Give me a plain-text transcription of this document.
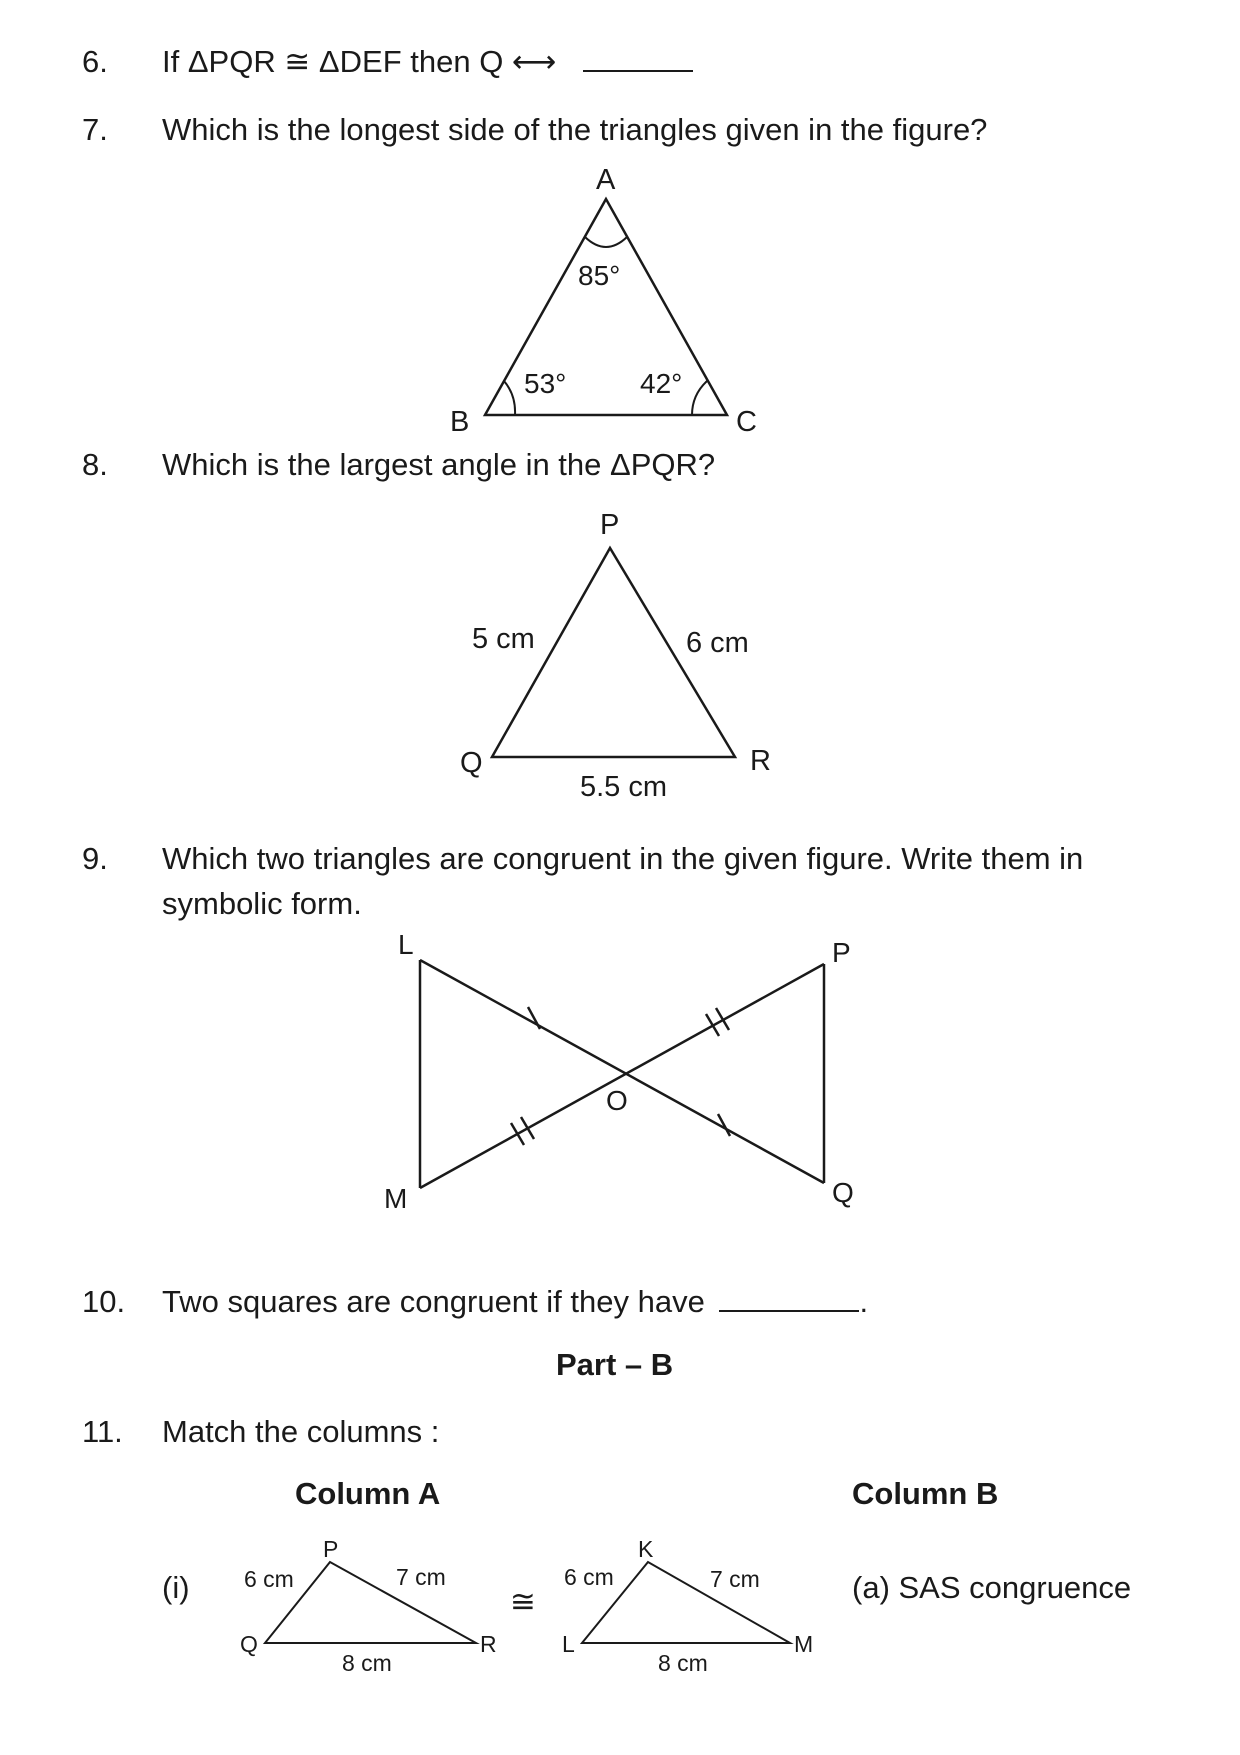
6. If ΔPQR ≅ ΔDEF then Q ⟷
7. Which is the longest side of the triangles given in the figure?
A
B	C
85°
53°	42°
8. Which is the largest angle in the ΔPQR?
P
Q	R
5 cm	6 cm
5.5 cm
9. Which two triangles are congruent in the given figure. Write them in
symbolic form.
L
M
O
P
Q
10. Two squares are congruent if they have	.
Part – B
11. Match the columns :
Column A	Column B
(i)
P
Q	R
6 cm	7 cm
8 cm
≅
K
L	M
6 cm	7 cm
8 cm
(a) SAS congruence
